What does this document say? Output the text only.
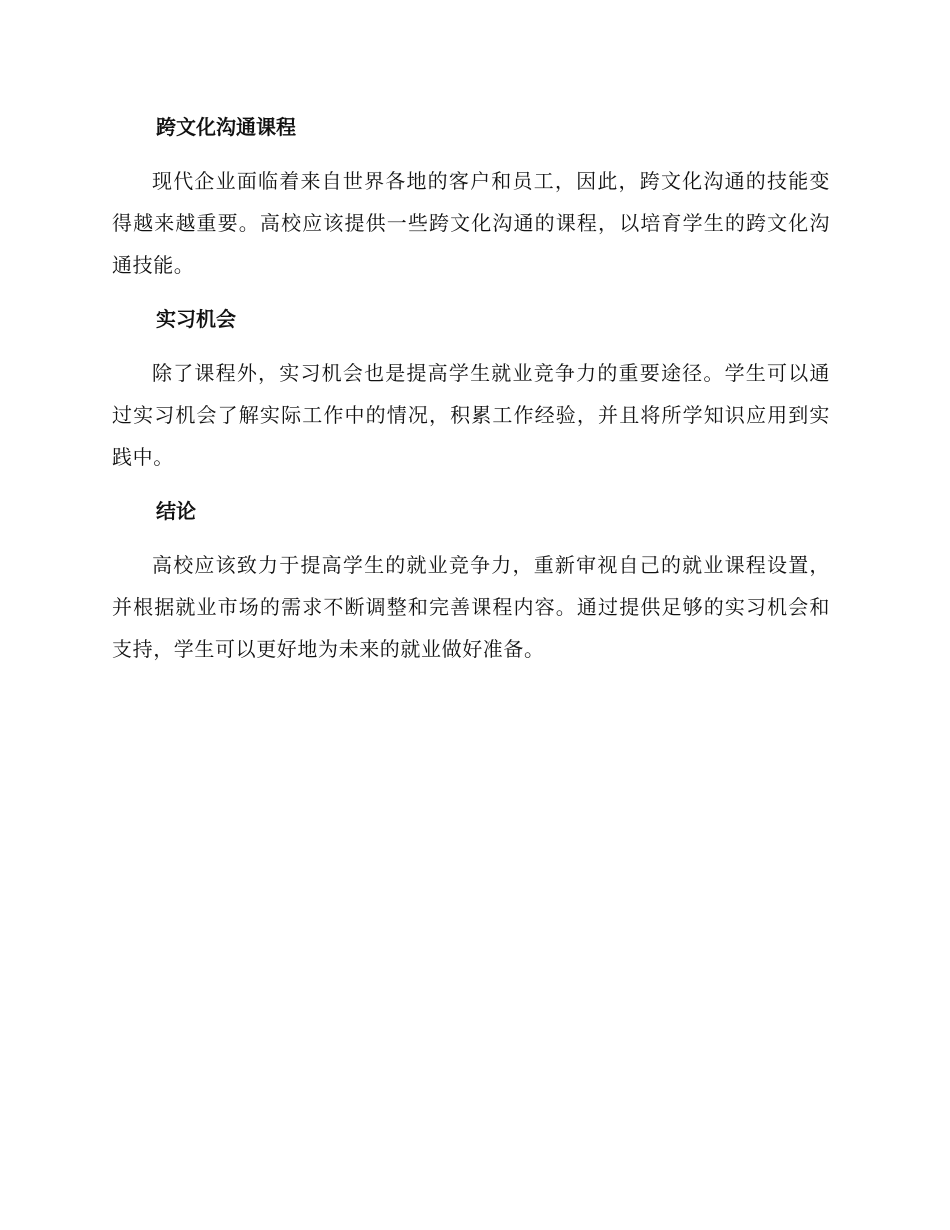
跨文化沟通课程

现代企业面临着来自世界各地的客户和员工，因此，跨文化沟通的技能变得越来越重要。高校应该提供一些跨文化沟通的课程，以培育学生的跨文化沟通技能。

实习机会

除了课程外，实习机会也是提高学生就业竞争力的重要途径。学生可以通过实习机会了解实际工作中的情况，积累工作经验，并且将所学知识应用到实践中。

结论

高校应该致力于提高学生的就业竞争力，重新审视自己的就业课程设置，并根据就业市场的需求不断调整和完善课程内容。通过提供足够的实习机会和支持，学生可以更好地为未来的就业做好准备。
